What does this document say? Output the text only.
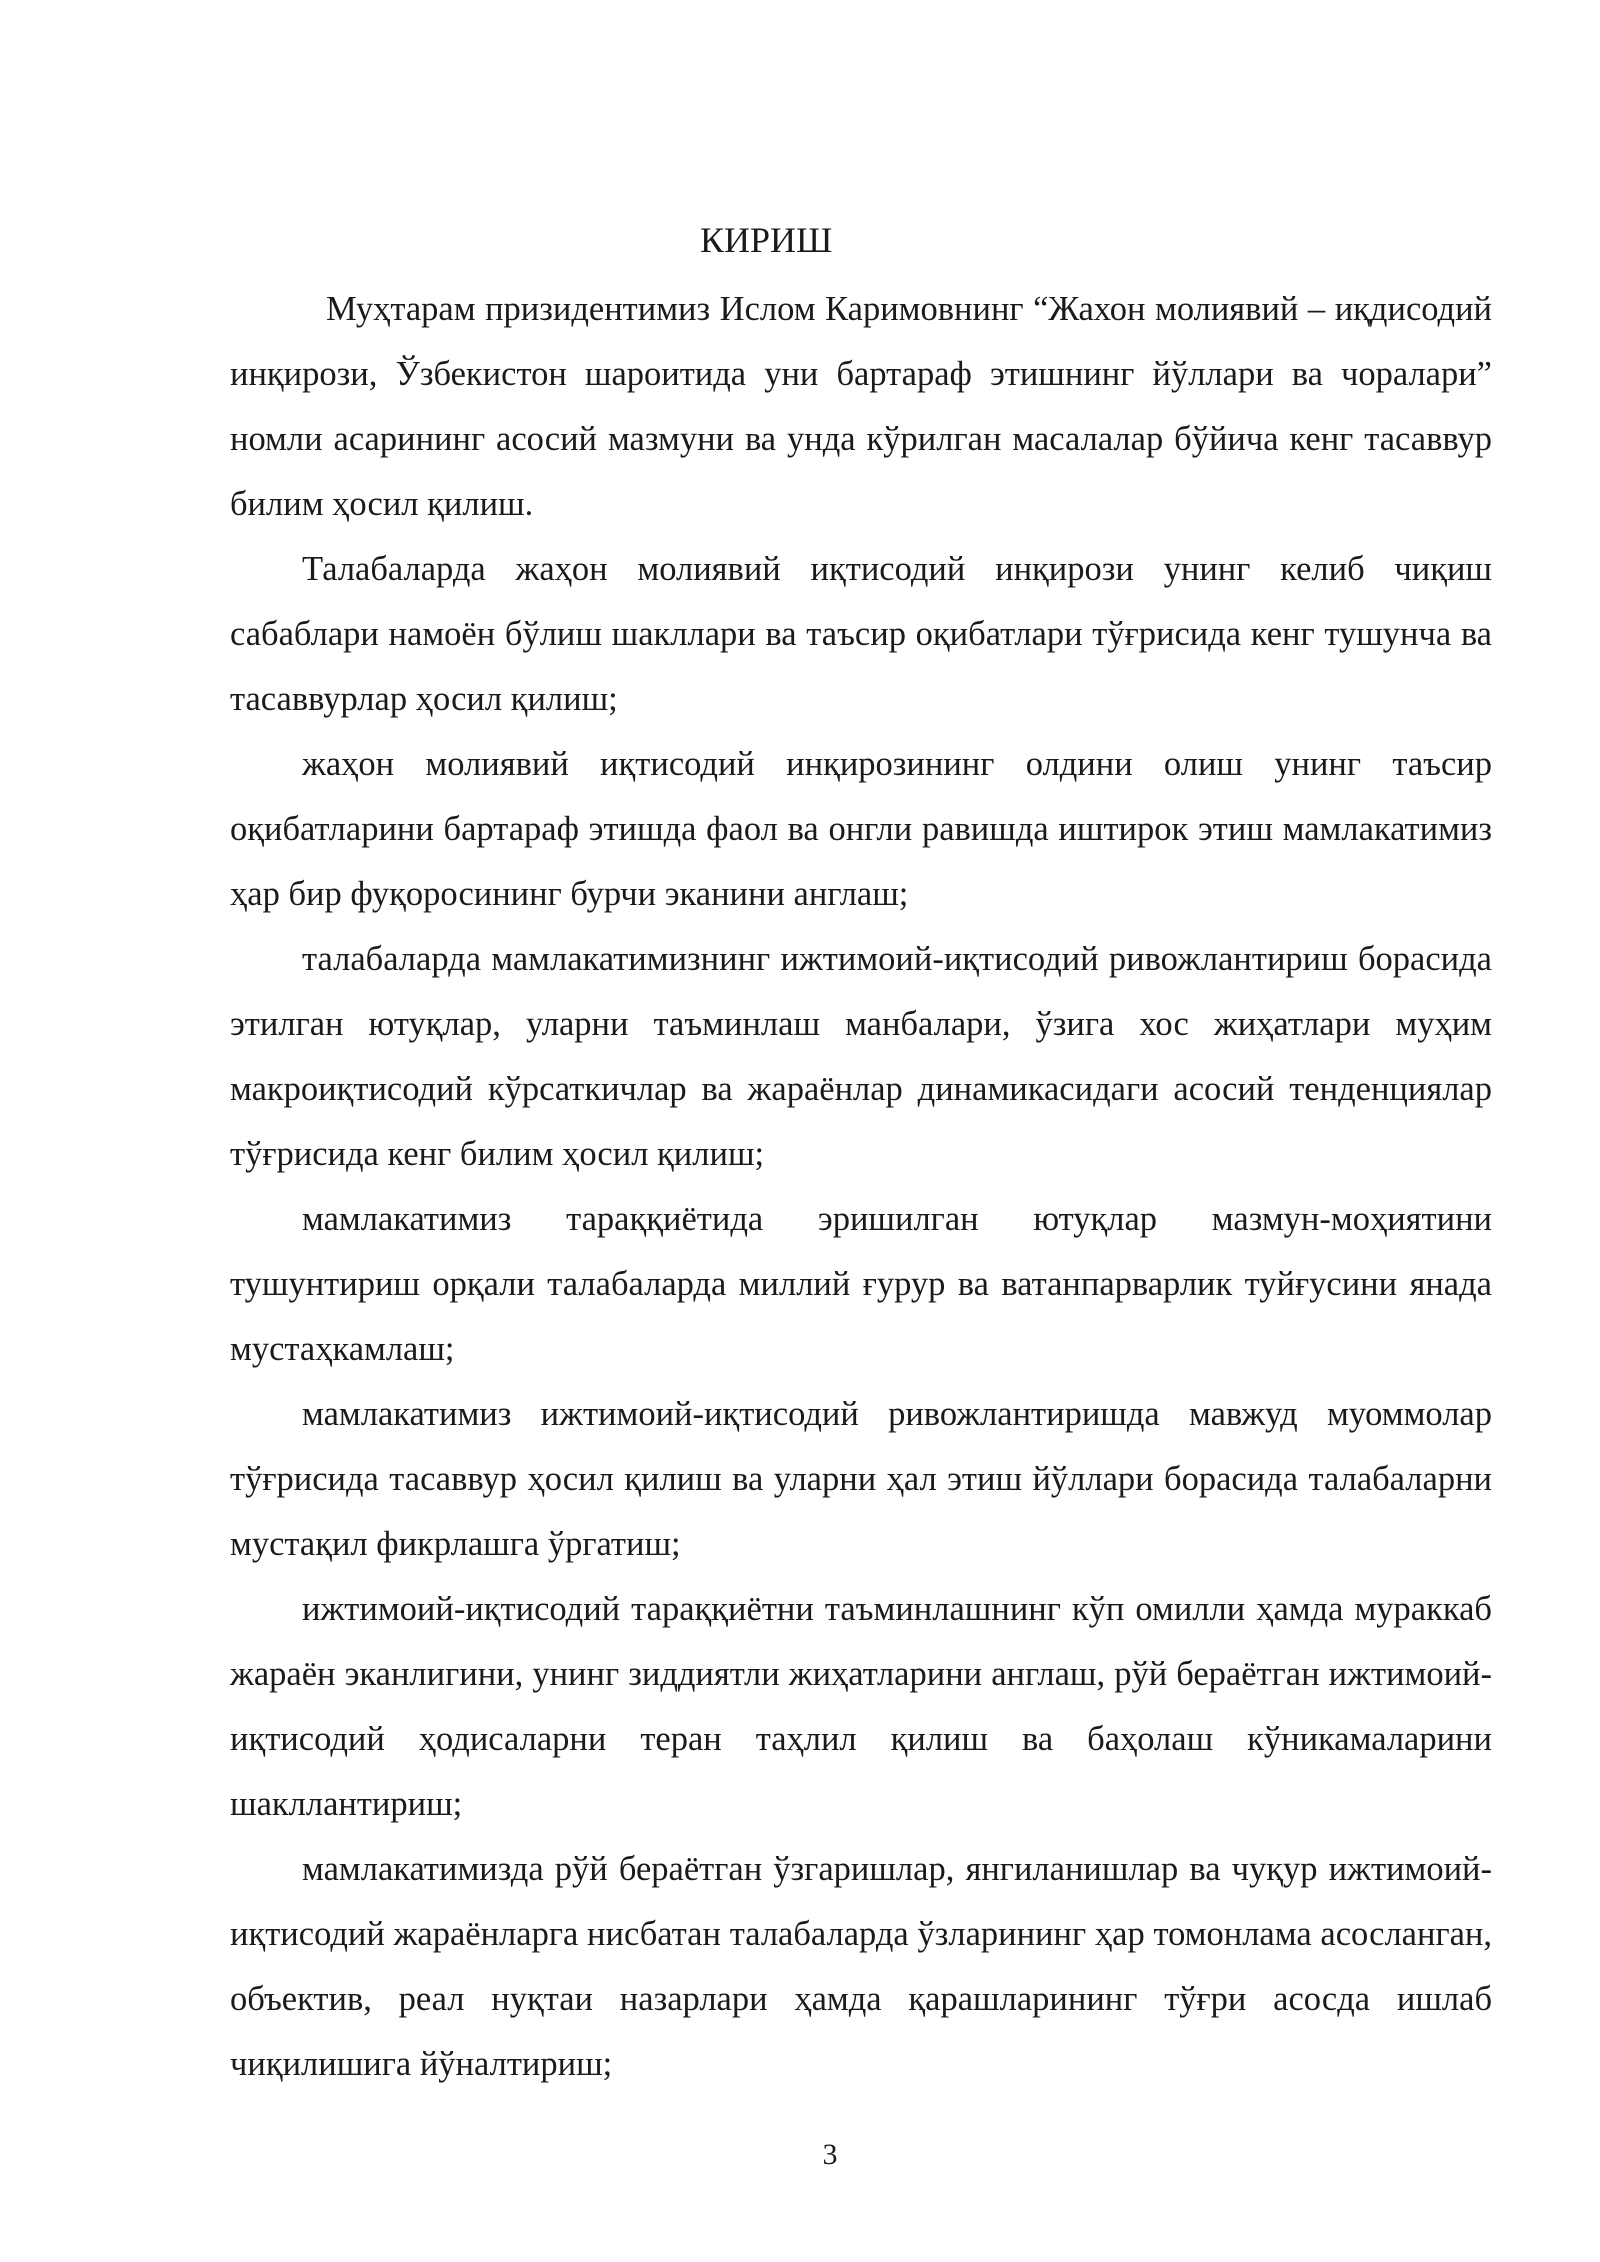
КИРИШ

Муҳтарам призидентимиз Ислом Каримовнинг “Жахон молиявий – иқдисодий инқирози, Ўзбекистон шароитида уни бартараф этишнинг йўллари ва чоралари” номли асарининг асосий мазмуни ва унда кўрилган масалалар бўйича кенг тасаввур билим ҳосил қилиш.

Талабаларда жаҳон молиявий иқтисодий инқирози унинг келиб чиқиш сабаблари намоён бўлиш шакллари ва таъсир оқибатлари тўғрисида кенг тушунча ва тасаввурлар ҳосил қилиш;

жаҳон молиявий иқтисодий инқирозининг олдини олиш унинг таъсир оқибатларини бартараф этишда фаол ва онгли равишда иштирок этиш мамлакатимиз ҳар бир фуқоросининг бурчи эканини англаш;

талабаларда мамлакатимизнинг ижтимоий-иқтисодий ривожлантириш борасида этилган ютуқлар, уларни таъминлаш манбалари, ўзига хос жиҳатлари муҳим макроиқтисодий кўрсаткичлар ва жараёнлар динамикасидаги асосий тенденциялар тўғрисида кенг билим ҳосил қилиш;

мамлакатимиз тараққиётида эришилган ютуқлар мазмун-моҳиятини тушунтириш орқали талабаларда миллий ғурур ва ватанпарварлик туйғусини янада мустаҳкамлаш;

мамлакатимиз ижтимоий-иқтисодий ривожлантиришда мавжуд муоммолар тўғрисида тасаввур ҳосил қилиш ва уларни ҳал этиш йўллари борасида талабаларни мустақил фикрлашга ўргатиш;

ижтимоий-иқтисодий тараққиётни таъминлашнинг кўп омилли ҳамда мураккаб жараён эканлигини, унинг зиддиятли жиҳатларини англаш, рўй бераётган ижтимоий-иқтисодий ҳодисаларни теран таҳлил қилиш ва баҳолаш кўникамаларини шакллантириш;

мамлакатимизда рўй бераётган ўзгаришлар, янгиланишлар ва чуқур ижтимоий-иқтисодий жараёнларга нисбатан талабаларда ўзларининг ҳар томонлама асосланган, объектив, реал нуқтаи назарлари ҳамда қарашларининг тўғри асосда ишлаб чиқилишига йўналтириш;

3
